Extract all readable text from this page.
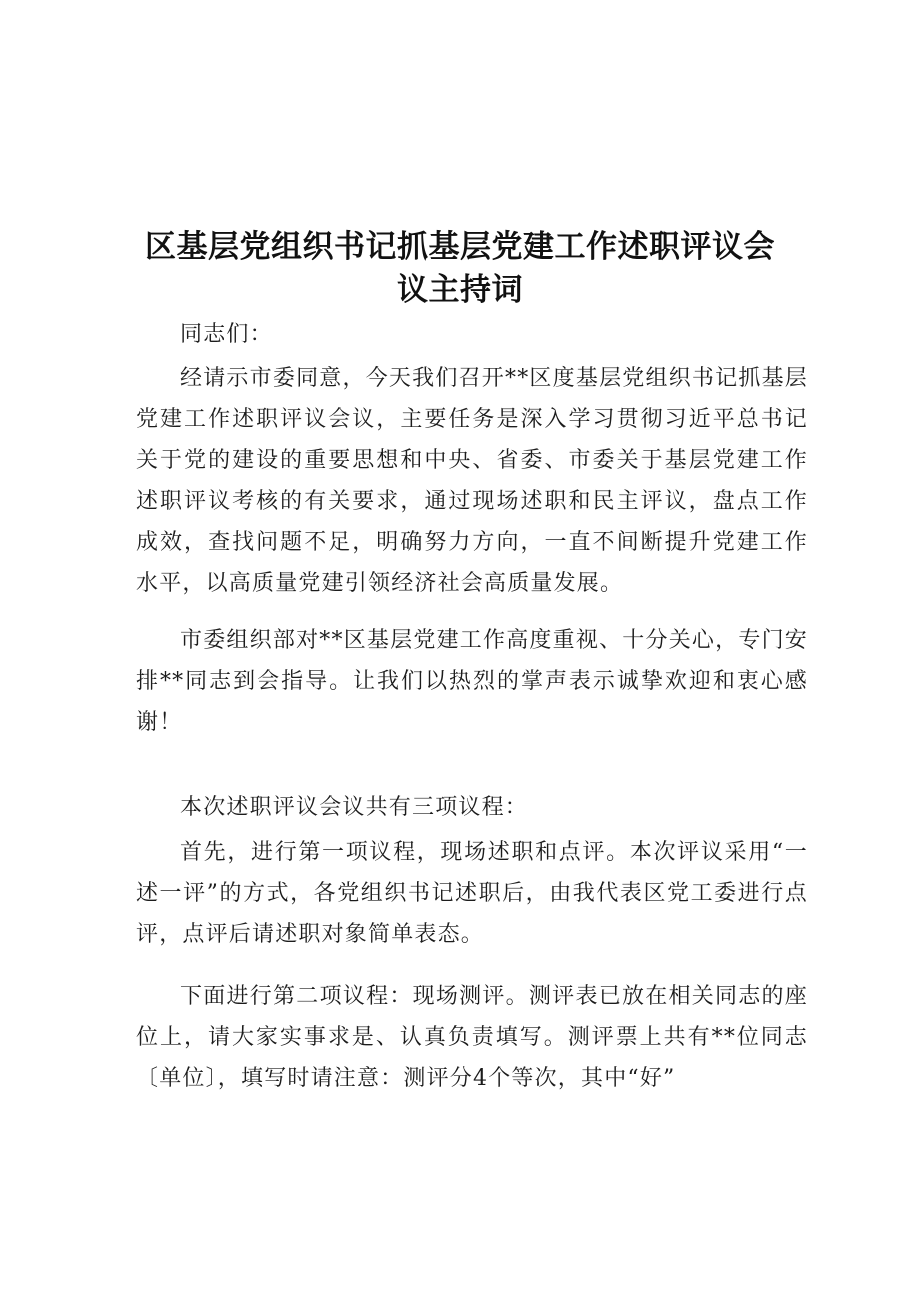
区基层党组织书记抓基层党建工作述职评议会
议主持词

同志们：

经请示市委同意，今天我们召开**区度基层党组织书记抓基层党建工作述职评议会议，主要任务是深入学习贯彻习近平总书记关于党的建设的重要思想和中央、省委、市委关于基层党建工作述职评议考核的有关要求，通过现场述职和民主评议，盘点工作成效，查找问题不足，明确努力方向，一直不间断提升党建工作水平，以高质量党建引领经济社会高质量发展。

市委组织部对**区基层党建工作高度重视、十分关心，专门安排**同志到会指导。让我们以热烈的掌声表示诚挚欢迎和衷心感谢！

本次述职评议会议共有三项议程：

首先，进行第一项议程，现场述职和点评。本次评议采用“一述一评”的方式，各党组织书记述职后，由我代表区党工委进行点评，点评后请述职对象简单表态。

下面进行第二项议程：现场测评。测评表已放在相关同志的座位上，请大家实事求是、认真负责填写。测评票上共有**位同志〔单位〕，填写时请注意：测评分4个等次，其中“好”
